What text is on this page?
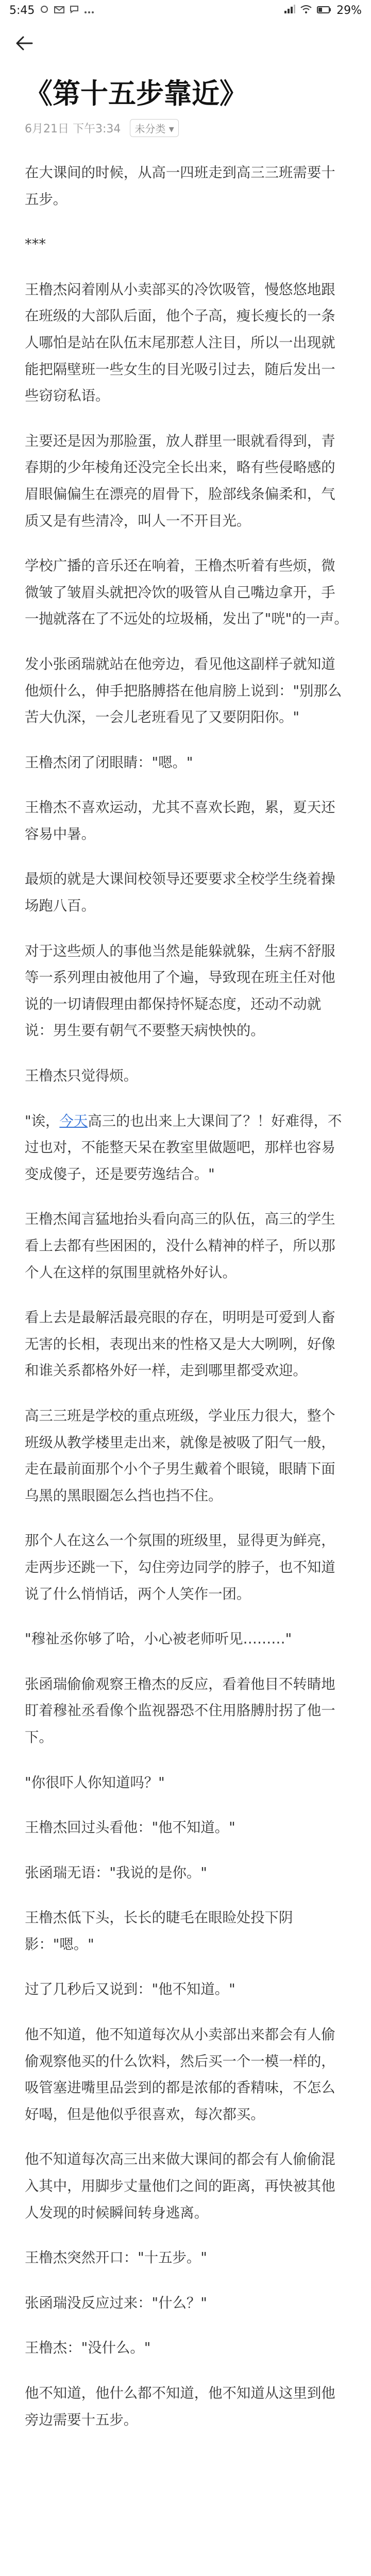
5:45	29%
《第十五步靠近》
6月21日 下午3:34	未分类 ▾

在大课间的时候，从高一四班走到高三三班需要十五步。

***

王橹杰闷着刚从小卖部买的冷饮吸管，慢悠悠地跟在班级的大部队后面，他个子高，瘦长瘦长的一条人哪怕是站在队伍末尾那惹人注目，所以一出现就能把隔壁班一些女生的目光吸引过去，随后发出一些窃窃私语。

主要还是因为那脸蛋，放人群里一眼就看得到，青春期的少年棱角还没完全长出来，略有些侵略感的眉眼偏偏生在漂亮的眉骨下，脸部线条偏柔和，气质又是有些清冷，叫人一不开目光。

学校广播的音乐还在响着，王橹杰听着有些烦，微微皱了皱眉头就把冷饮的吸管从自己嘴边拿开，手一抛就落在了不远处的垃圾桶，发出了"咣"的一声。

发小张函瑞就站在他旁边，看见他这副样子就知道他烦什么，伸手把胳膊搭在他肩膀上说到："别那么苦大仇深，一会儿老班看见了又要阴阳你。"

王橹杰闭了闭眼睛："嗯。"

王橹杰不喜欢运动，尤其不喜欢长跑，累，夏天还容易中暑。

最烦的就是大课间校领导还要要求全校学生绕着操场跑八百。

对于这些烦人的事他当然是能躲就躲，生病不舒服等一系列理由被他用了个遍，导致现在班主任对他说的一切请假理由都保持怀疑态度，还动不动就说：男生要有朝气不要整天病怏怏的。

王橹杰只觉得烦。

"诶，今天高三的也出来上大课间了？！好难得，不过也对，不能整天呆在教室里做题吧，那样也容易变成傻子，还是要劳逸结合。"

王橹杰闻言猛地抬头看向高三的队伍，高三的学生看上去都有些困困的，没什么精神的样子，所以那个人在这样的氛围里就格外好认。

看上去是最解活最亮眼的存在，明明是可爱到人畜无害的长相，表现出来的性格又是大大咧咧，好像和谁关系都格外好一样，走到哪里都受欢迎。

高三三班是学校的重点班级，学业压力很大，整个班级从教学楼里走出来，就像是被吸了阳气一般，走在最前面那个小个子男生戴着个眼镜，眼睛下面乌黑的黑眼圈怎么挡也挡不住。

那个人在这么一个氛围的班级里，显得更为鲜亮，走两步还跳一下，勾住旁边同学的脖子，也不知道说了什么悄悄话，两个人笑作一团。

"穆祉丞你够了哈，小心被老师听见………"

张函瑞偷偷观察王橹杰的反应，看着他目不转睛地盯着穆祉丞看像个监视器恐不住用胳膊肘拐了他一下。

"你很吓人你知道吗？"

王橹杰回过头看他："他不知道。"

张函瑞无语："我说的是你。"

王橹杰低下头，长长的睫毛在眼睑处投下阴影："嗯。"

过了几秒后又说到："他不知道。"

他不知道，他不知道每次从小卖部出来都会有人偷偷观察他买的什么饮料，然后买一个一模一样的，吸管塞进嘴里品尝到的都是浓郁的香精味，不怎么好喝，但是他似乎很喜欢，每次都买。

他不知道每次高三出来做大课间的都会有人偷偷混入其中，用脚步丈量他们之间的距离，再快被其他人发现的时候瞬间转身逃离。

王橹杰突然开口："十五步。"

张函瑞没反应过来："什么？"

王橹杰："没什么。"

他不知道，他什么都不知道，他不知道从这里到他旁边需要十五步。
